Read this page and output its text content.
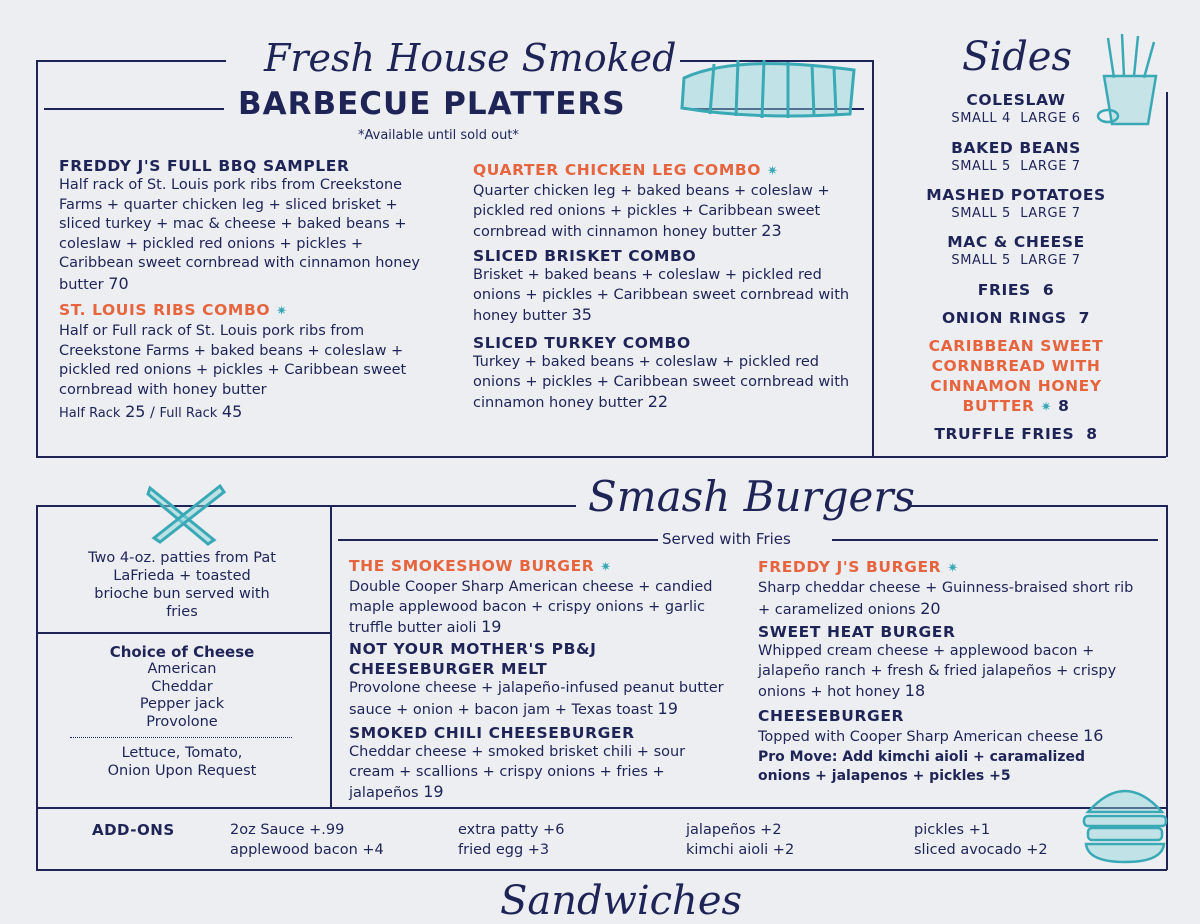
Fresh House Smoked
BARBECUE PLATTERS
*Available until sold out*
FREDDY J'S FULL BBQ SAMPLER
Half rack of St. Louis pork ribs from Creekstone Farms + quarter chicken leg + sliced brisket + sliced turkey + mac & cheese + baked beans + coleslaw + pickled red onions + pickles + Caribbean sweet cornbread with cinnamon honey butter 70
ST. LOUIS RIBS COMBO ✷
Half or Full rack of St. Louis pork ribs from Creekstone Farms + baked beans + coleslaw + pickled red onions + pickles + Caribbean sweet cornbread with honey butter
Half Rack 25 / Full Rack 45
QUARTER CHICKEN LEG COMBO ✷
Quarter chicken leg + baked beans + coleslaw + pickled red onions + pickles + Caribbean sweet cornbread with cinnamon honey butter 23
SLICED BRISKET COMBO
Brisket + baked beans + coleslaw + pickled red onions + pickles + Caribbean sweet cornbread with honey butter 35
SLICED TURKEY COMBO
Turkey + baked beans + coleslaw + pickled red onions + pickles + Caribbean sweet cornbread with cinnamon honey butter 22
Sides
COLESLAW
SMALL 4  LARGE 6
BAKED BEANS
SMALL 5  LARGE 7
MASHED POTATOES
SMALL 5  LARGE 7
MAC & CHEESE
SMALL 5  LARGE 7
FRIES  6
ONION RINGS  7
CARIBBEAN SWEET
CORNBREAD WITH
CINNAMON HONEY
BUTTER ✷ 8
TRUFFLE FRIES  8
Smash Burgers
Served with Fries
Two 4-oz. patties from Pat LaFrieda + toasted brioche bun served with fries
Choice of Cheese
American
Cheddar
Pepper jack
Provolone
Lettuce, Tomato, Onion Upon Request
THE SMOKESHOW BURGER ✷
Double Cooper Sharp American cheese + candied maple applewood bacon + crispy onions + garlic truffle butter aioli 19
NOT YOUR MOTHER'S PB&J
CHEESEBURGER MELT
Provolone cheese + jalapeño-infused peanut butter sauce + onion + bacon jam + Texas toast 19
SMOKED CHILI CHEESEBURGER
Cheddar cheese + smoked brisket chili + sour cream + scallions + crispy onions + fries + jalapeños 19
FREDDY J'S BURGER ✷
Sharp cheddar cheese + Guinness-braised short rib + caramelized onions 20
SWEET HEAT BURGER
Whipped cream cheese + applewood bacon + jalapeño ranch + fresh & fried jalapeños + crispy onions + hot honey 18
CHEESEBURGER
Topped with Cooper Sharp American cheese 16
Pro Move: Add kimchi aioli + caramalized onions + jalapenos + pickles +5
ADD-ONS	2oz Sauce +.99
applewood bacon +4
extra patty +6
fried egg +3
jalapeños +2
kimchi aioli +2
pickles +1
sliced avocado +2
Sandwiches
